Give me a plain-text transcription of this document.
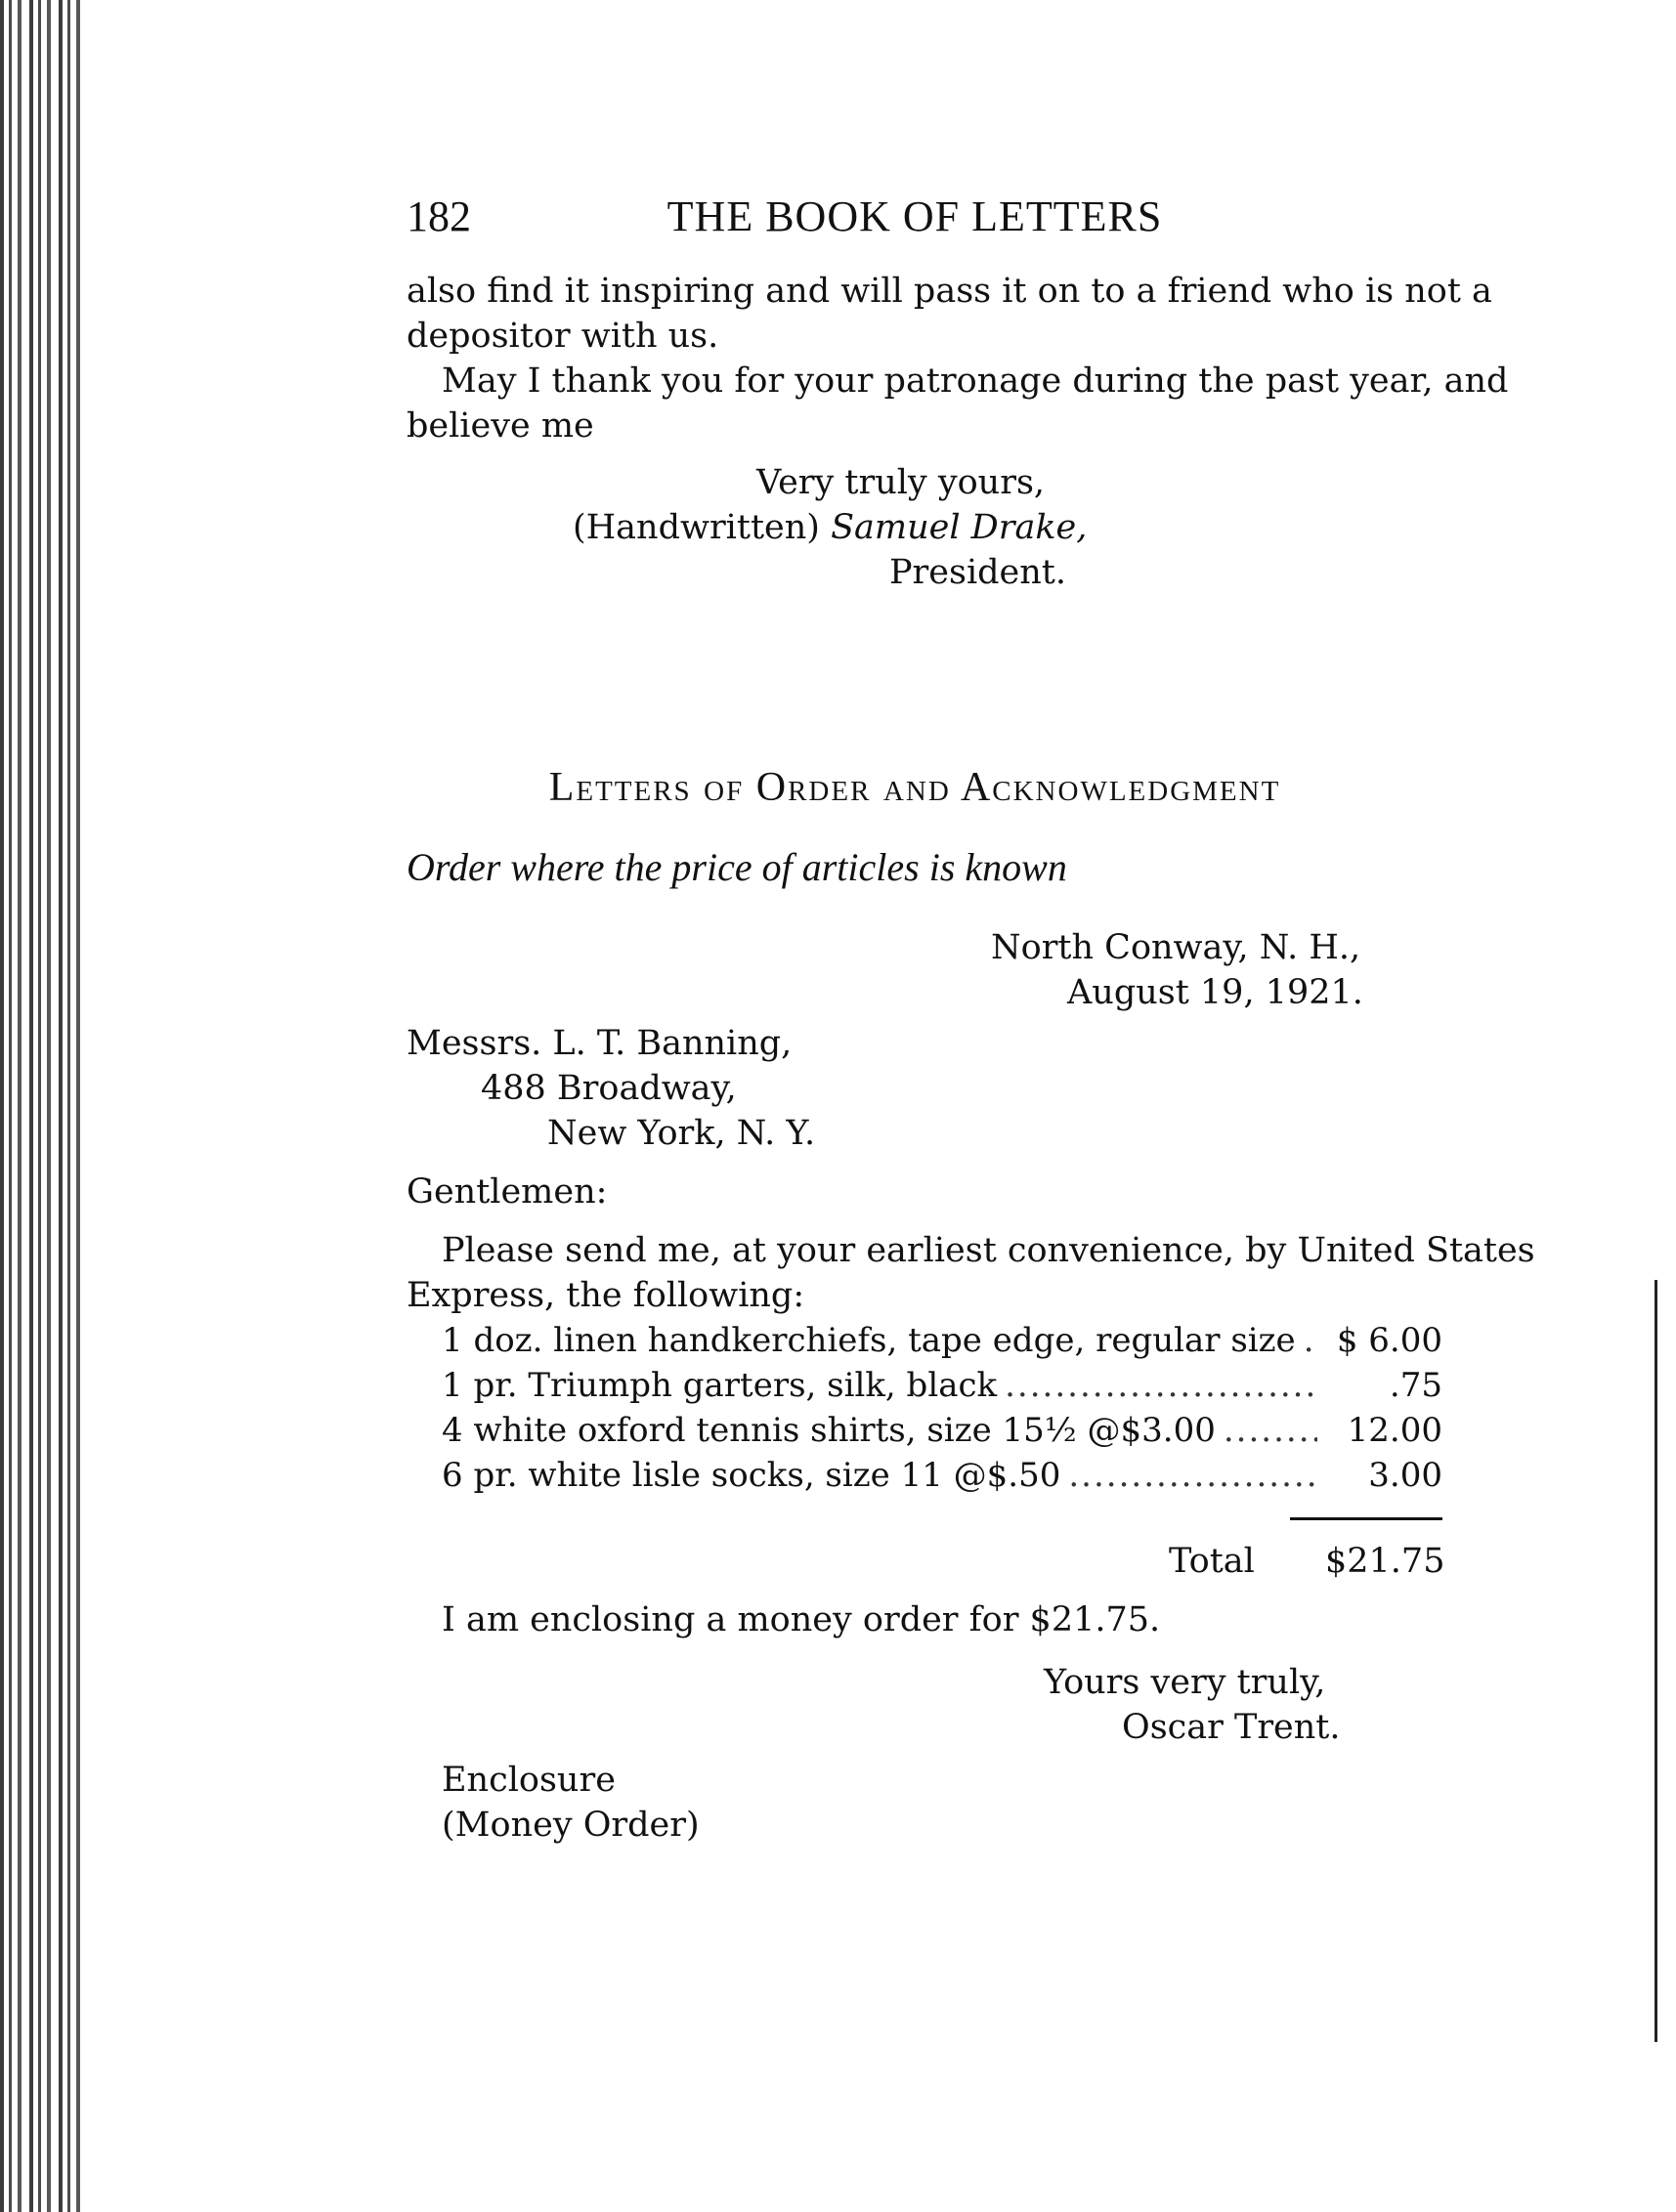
182	THE BOOK OF LETTERS
also find it inspiring and will pass it on to a friend who is not a
depositor with us.
May I thank you for your patronage during the past year, and
believe me
Very truly yours,
(Handwritten) Samuel Drake,
President.
Letters of Order and Acknowledgment
Order where the price of articles is known
North Conway, N. H.,
August 19, 1921.
Messrs. L. T. Banning,
488 Broadway,
New York, N. Y.
Gentlemen:
Please send me, at your earliest convenience, by United States
Express, the following:
1 doz. linen handkerchiefs, tape edge, regular size .....	$ 6.00
1 pr. Triumph garters, silk, black .....	.75
4 white oxford tennis shirts, size 15½ @$3.00 .....	12.00
6 pr. white lisle socks, size 11 @$.50 .....	3.00
Total $21.75
I am enclosing a money order for $21.75.
Yours very truly,
Oscar Trent.
Enclosure
(Money Order)
